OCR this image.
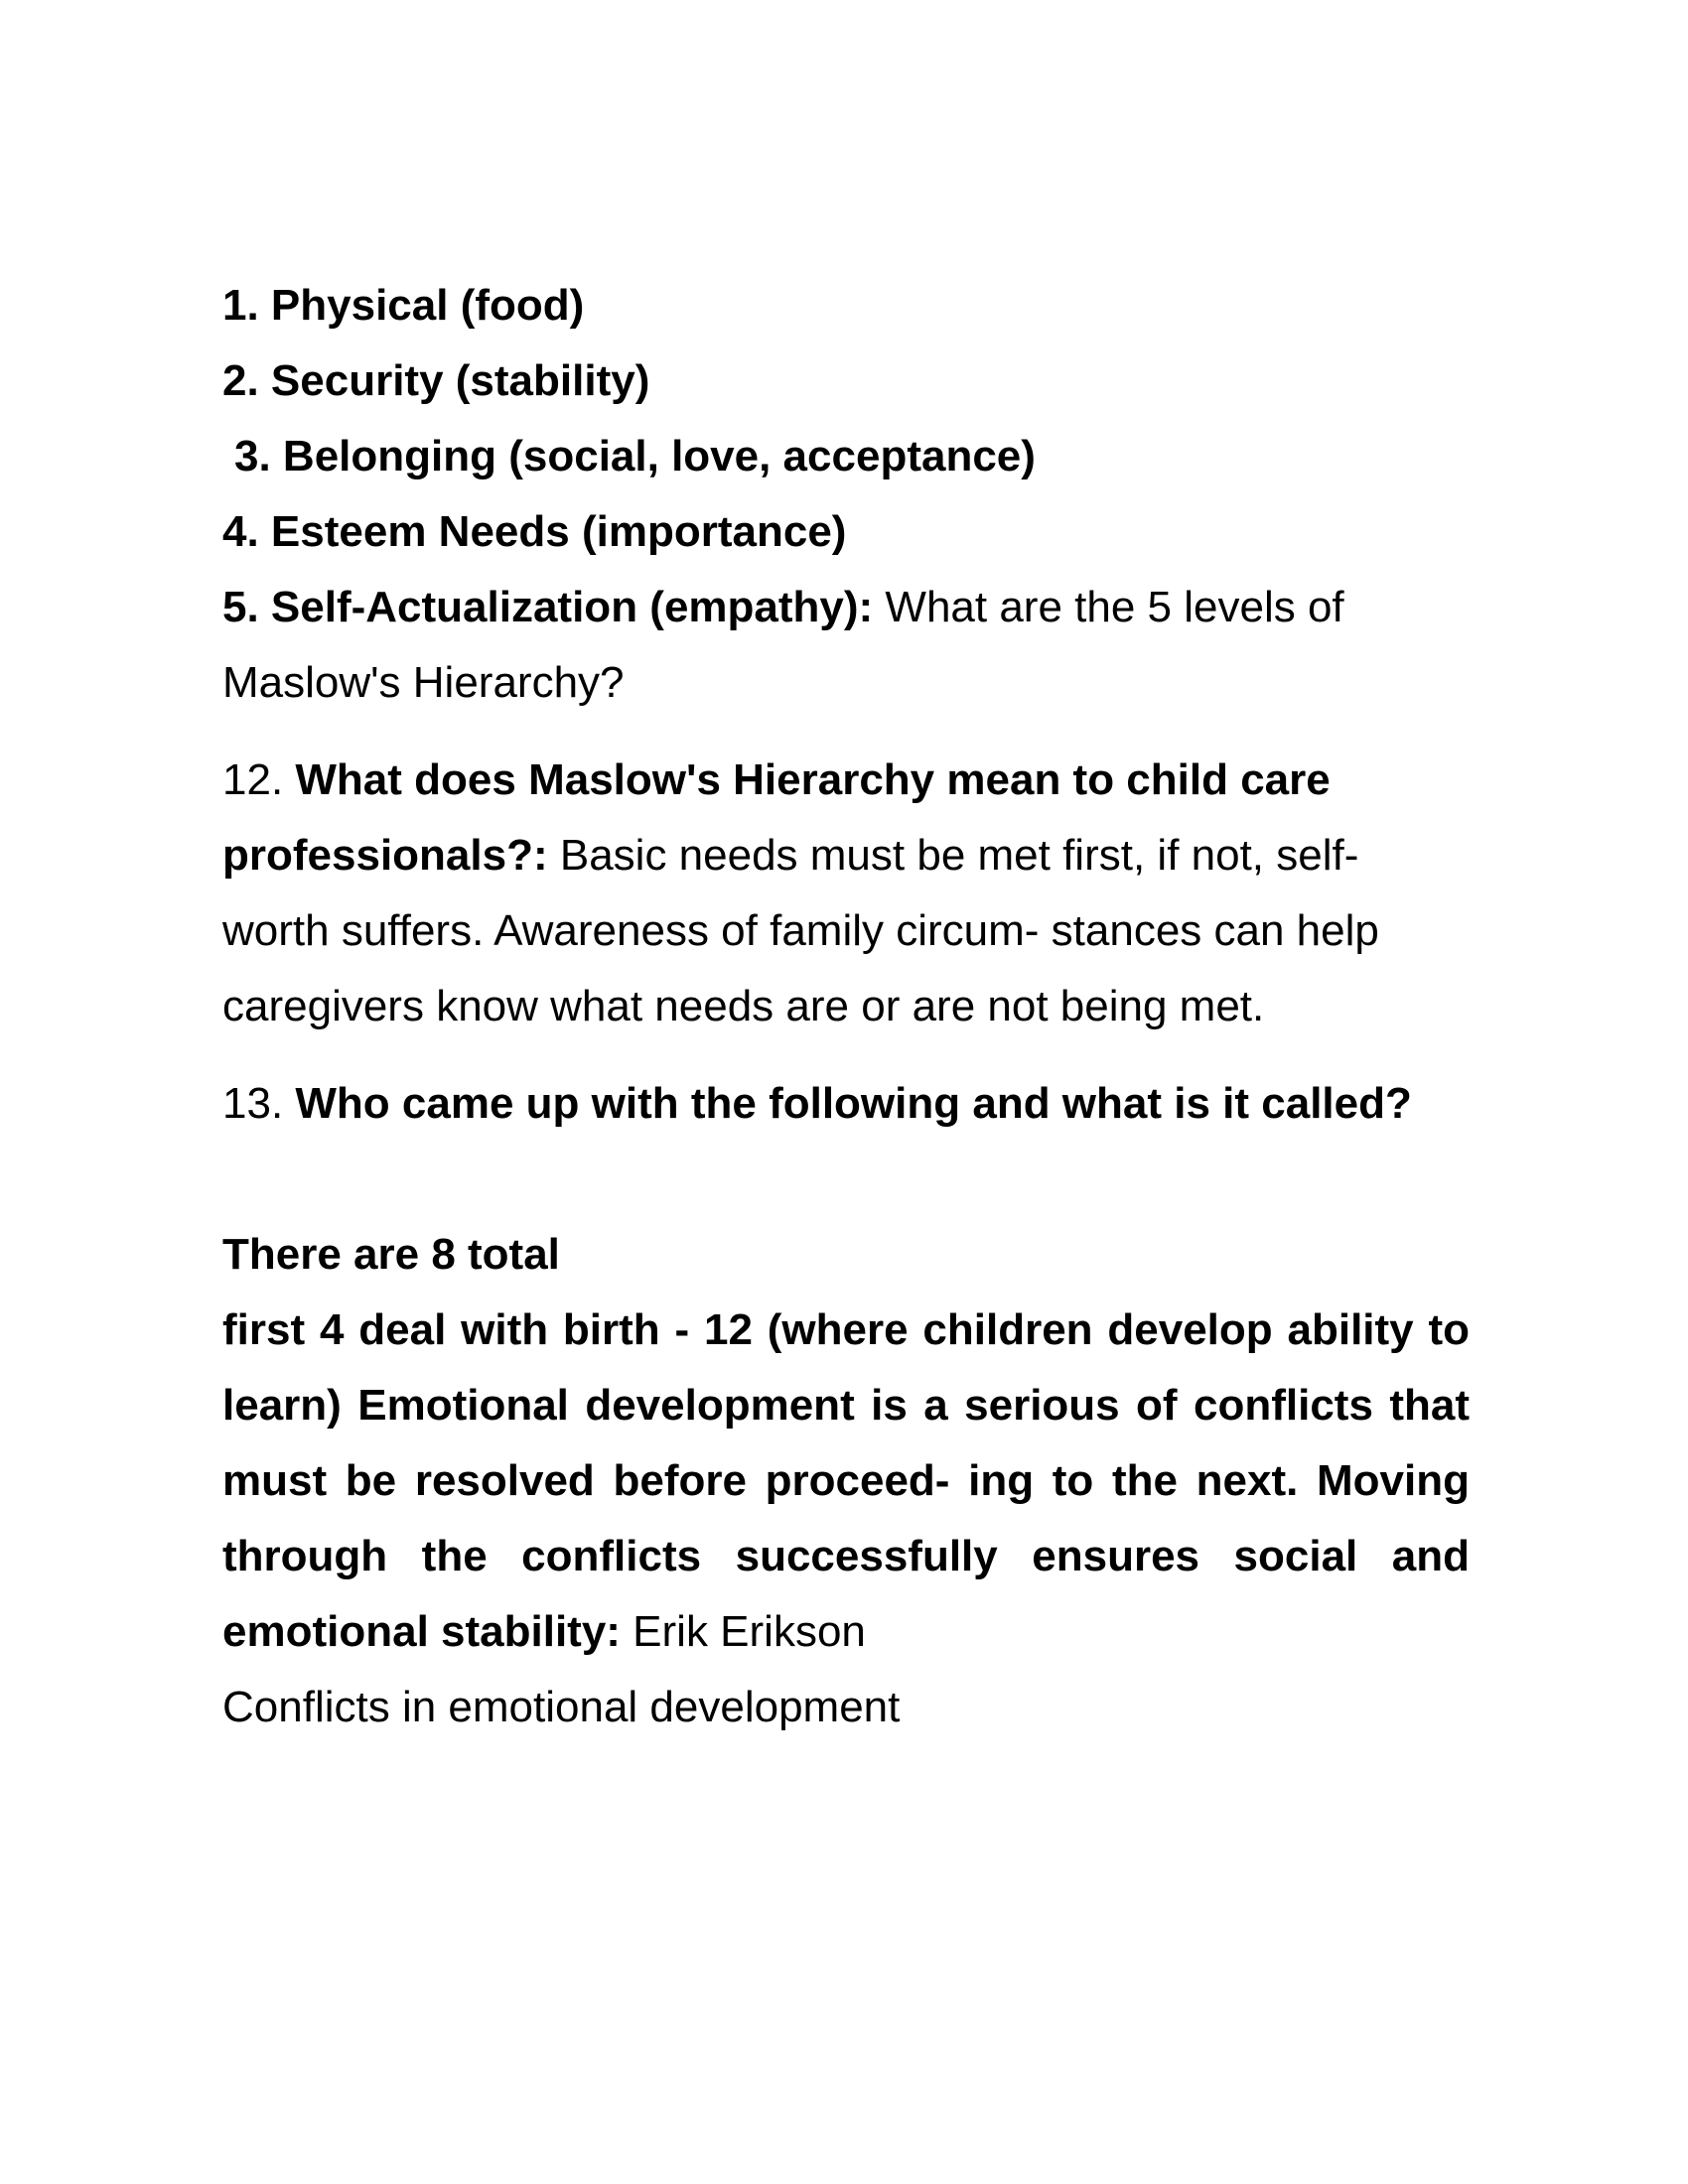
1. Physical (food)
2. Security (stability)
3. Belonging (social, love, acceptance)
4. Esteem Needs (importance)
5. Self-Actualization (empathy): What are the 5 levels of
Maslow's Hierarchy?
12. What does Maslow's Hierarchy mean to child care
professionals?: Basic needs must be met first, if not, self-
worth suffers. Awareness of family circum- stances can help
caregivers know what needs are or are not being met.
13. Who came up with the following and what is it called?
There are 8 total
first 4 deal with birth - 12 (where children develop ability to learn) Emotional development is a serious of conflicts that must be resolved before proceed- ing to the next. Moving through the conflicts successfully ensures social and emotional stability: Erik Erikson
Conflicts in emotional development
